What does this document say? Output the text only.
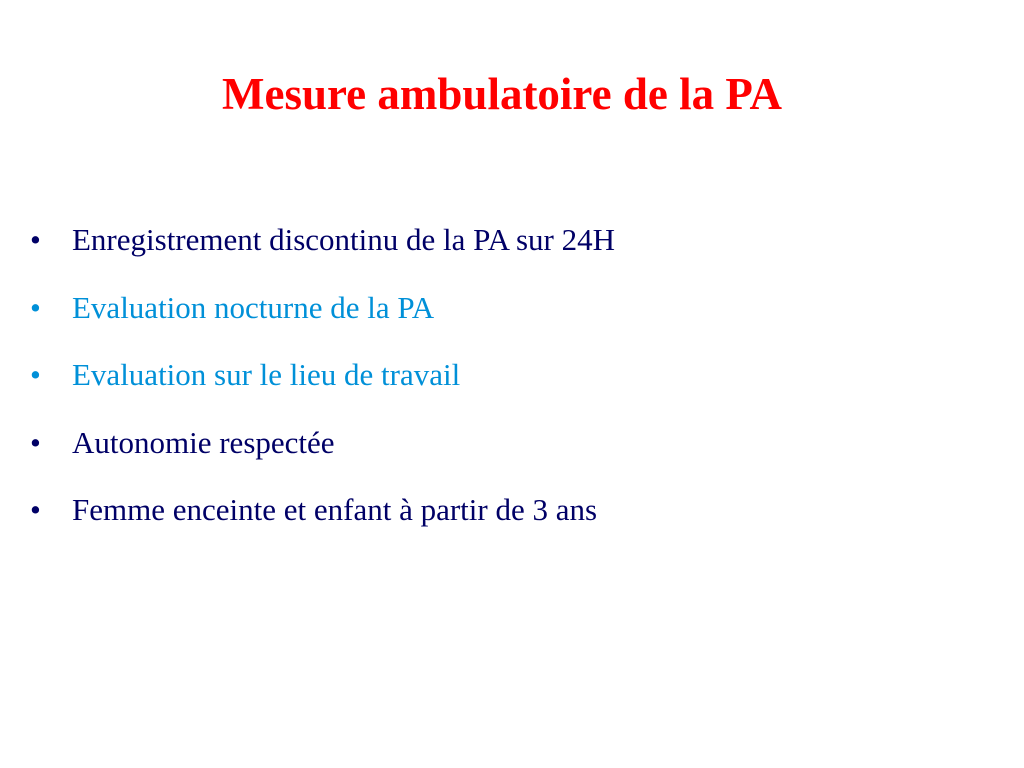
Mesure ambulatoire de la PA
•	Enregistrement discontinu de la PA sur 24H
•	Evaluation nocturne de la PA
•	Evaluation sur le lieu de travail
•	Autonomie respectée
•	Femme enceinte et enfant à partir de 3 ans
